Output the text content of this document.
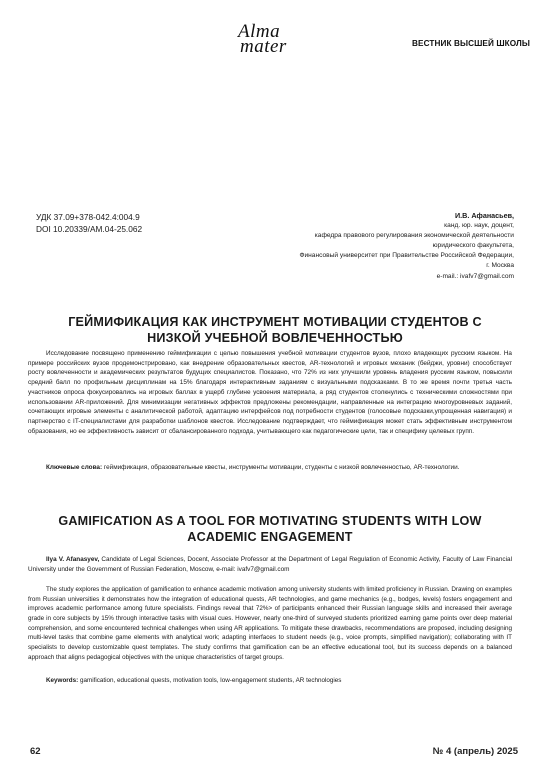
Alma
mater	ВЕСТНИК ВЫСШЕЙ ШКОЛЫ
УДК 37.09+378-042.4:004.9
DOI 10.20339/AM.04-25.062
И.В. Афанасьев,
канд. юр. наук, доцент,
кафедра правового регулирования экономической деятельности
юридического факультета,
Финансовый университет при Правительстве Российской Федерации,
г. Москва
e-mail.: ivafv7@gmail.com
ГЕЙМИФИКАЦИЯ КАК ИНСТРУМЕНТ МОТИВАЦИИ СТУДЕНТОВ С НИЗКОЙ УЧЕБНОЙ ВОВЛЕЧЕННОСТЬЮ

Исследование посвящено применению геймификации с целью повышения учебной мотивации студентов вузов, плохо владеющих русским языком. На примере российских вузов продемонстрировано, как внедрение образовательных квестов, AR-технологий и игровых механик (бейджи, уровни) способствует росту вовлеченности и академических результатов будущих специалистов. Показано, что 72% из них улучшили уровень владения русским языком, повысили средний балл по профильным дисциплинам на 15% благодаря интерактивным заданиям с визуальными подсказками. В то же время почти третья часть участников опроса фокусировались на игровых баллах в ущерб глубине усвоения материала, а ряд студентов столкнулись с техническими сложностями при использовании AR-приложений. Для минимизации негативных эффектов предложены рекомендации, направленные на интеграцию многоуровневых заданий, сочетающих игровые элементы с аналитической работой, адаптацию интерфейсов под потребности студентов (голосовые подсказки,упрощенная навигация) и партнерство с IT-специалистами для разработки шаблонов квестов. Исследование подтверждает, что геймификация может стать эффективным инструментом образования, но ее эффективность зависит от сбалансированного подхода, учитывающего как педагогические цели, так и специфику целевых групп.

Ключевые слова: геймификация, образовательные квесты, инструменты мотивации, студенты с низкой вовлеченностью, AR-технологии.
GAMIFICATION AS A TOOL FOR MOTIVATING STUDENTS WITH LOW ACADEMIC ENGAGEMENT
Ilya V. Afanasyev, Candidate of Legal Sciences, Docent, Associate Professor at the Department of Legal Regulation of Economic Activity, Faculty of Law Financial University under the Government of Russian Federation, Moscow, e-mail: ivafv7@gmail.com

The study explores the application of gamification to enhance academic motivation among university students with limited proficiency in Russian. Drawing on examples from Russian universities it demonstrates how the integration of educational quests, AR technologies, and game mechanics (e.g., bodges, levels) fosters engagement and improves academic performance among future specialists. Findings reveal that 72%> of participants enhanced their Russian language skills and increased their average grade in core subjects by 15% through interactive tasks with visual cues. However, nearly one-third of surveyed students prioritized earning game points over deep material comprehension, and some encountered technical challenges when using AR applications. To mitigate these drawbacks, recommendations are proposed, including designing multi-level tasks that combine game elements with analytical work; adapting interfaces to student needs (e.g., voice prompts, simplified navigation); collaborating with IT specialists to develop customizable quest templates. The study confirms that gamification can be an effective educational tool, but its success depends on a balanced approach that aligns pedagogical objectives with the unique characteristics of target groups.

Keywords: gamification, educational quests, motivation tools, low-engagement students, AR technologies
62	№ 4 (апрель) 2025
